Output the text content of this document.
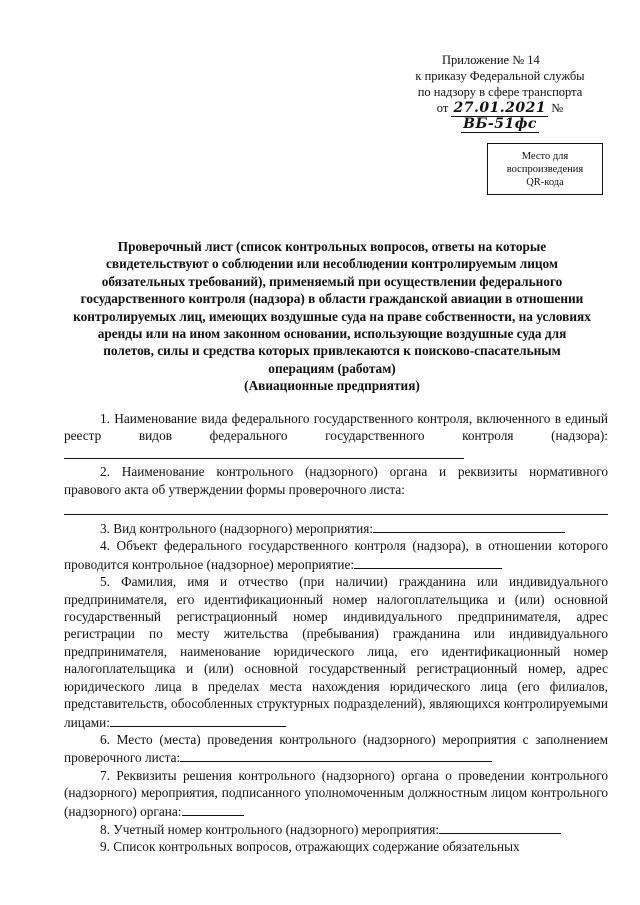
Приложение № 14
к приказу Федеральной службы
по надзору в сфере транспорта
от 27.01.2021 № ВБ-51фс
Место для
воспроизведения
QR-кода
Проверочный лист (список контрольных вопросов, ответы на которые свидетельствуют о соблюдении или несоблюдении контролируемым лицом обязательных требований), применяемый при осуществлении федерального государственного контроля (надзора) в области гражданской авиации в отношении контролируемых лиц, имеющих воздушные суда на праве собственности, на условиях аренды или на ином законном основании, использующие воздушные суда для полетов, силы и средства которых привлекаются к поисково-спасательным операциям (работам)
(Авиационные предприятия)

1. Наименование вида федерального государственного контроля, включенного в единый реестр видов федерального государственного контроля (надзора):

2. Наименование контрольного (надзорного) органа и реквизиты нормативного правового акта об утверждении формы проверочного листа:

3. Вид контрольного (надзорного) мероприятия:

4. Объект федерального государственного контроля (надзора), в отношении которого проводится контрольное (надзорное) мероприятие:

5. Фамилия, имя и отчество (при наличии) гражданина или индивидуального предпринимателя, его идентификационный номер налогоплательщика и (или) основной государственный регистрационный номер индивидуального предпринимателя, адрес регистрации по месту жительства (пребывания) гражданина или индивидуального предпринимателя, наименование юридического лица, его идентификационный номер налогоплательщика и (или) основной государственный регистрационный номер, адрес юридического лица в пределах места нахождения юридического лица (его филиалов, представительств, обособленных структурных подразделений), являющихся контролируемыми лицами:

6. Место (места) проведения контрольного (надзорного) мероприятия с заполнением проверочного листа:

7. Реквизиты решения контрольного (надзорного) органа о проведении контрольного (надзорного) мероприятия, подписанного уполномоченным должностным лицом контрольного (надзорного) органа:

8. Учетный номер контрольного (надзорного) мероприятия:

9. Список контрольных вопросов, отражающих содержание обязательных
